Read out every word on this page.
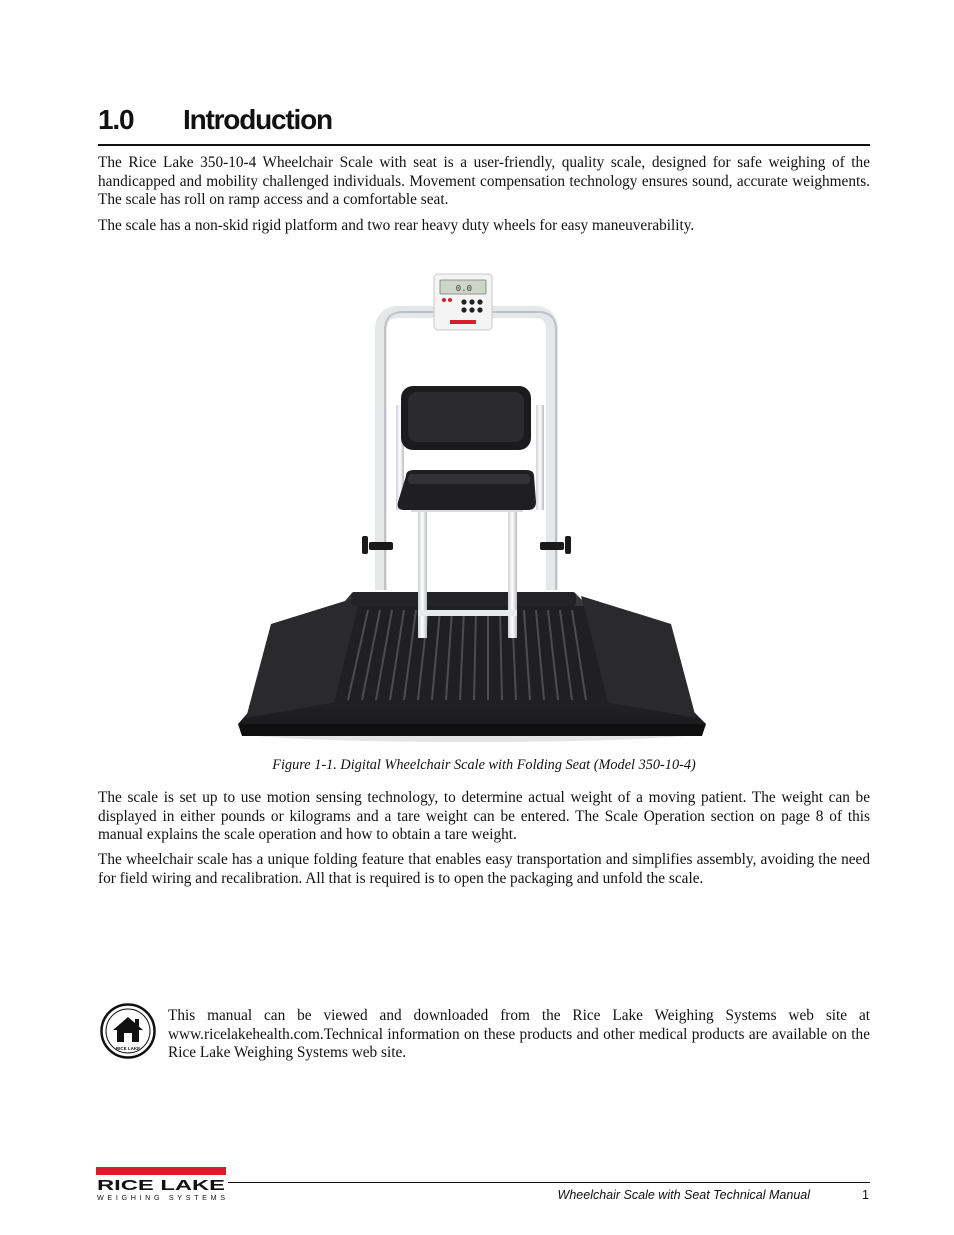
1.0 Introduction

The Rice Lake 350-10-4 Wheelchair Scale with seat is a user-friendly, quality scale, designed for safe weighing of the handicapped and mobility challenged individuals. Movement compensation technology ensures sound, accurate weighments. The scale has roll on ramp access and a comfortable seat.

The scale has a non-skid rigid platform and two rear heavy duty wheels for easy maneuverability.

0.0
Figure 1-1. Digital Wheelchair Scale with Folding Seat (Model 350-10-4)

The scale is set up to use motion sensing technology, to determine actual weight of a moving patient. The weight can be displayed in either pounds or kilograms and a tare weight can be entered. The Scale Operation section on page 8 of this manual explains the scale operation and how to obtain a tare weight.

The wheelchair scale has a unique folding feature that enables easy transportation and simplifies assembly, avoiding the need for field wiring and recalibration. All that is required is to open the packaging and unfold the scale.

RICE LAKE

This manual can be viewed and downloaded from the Rice Lake Weighing Systems web site at www.ricelakehealth.com.Technical information on these products and other medical products are available on the Rice Lake Weighing Systems web site.

RICE LAKE
WEIGHING SYSTEMS	Wheelchair Scale with Seat Technical Manual	1
